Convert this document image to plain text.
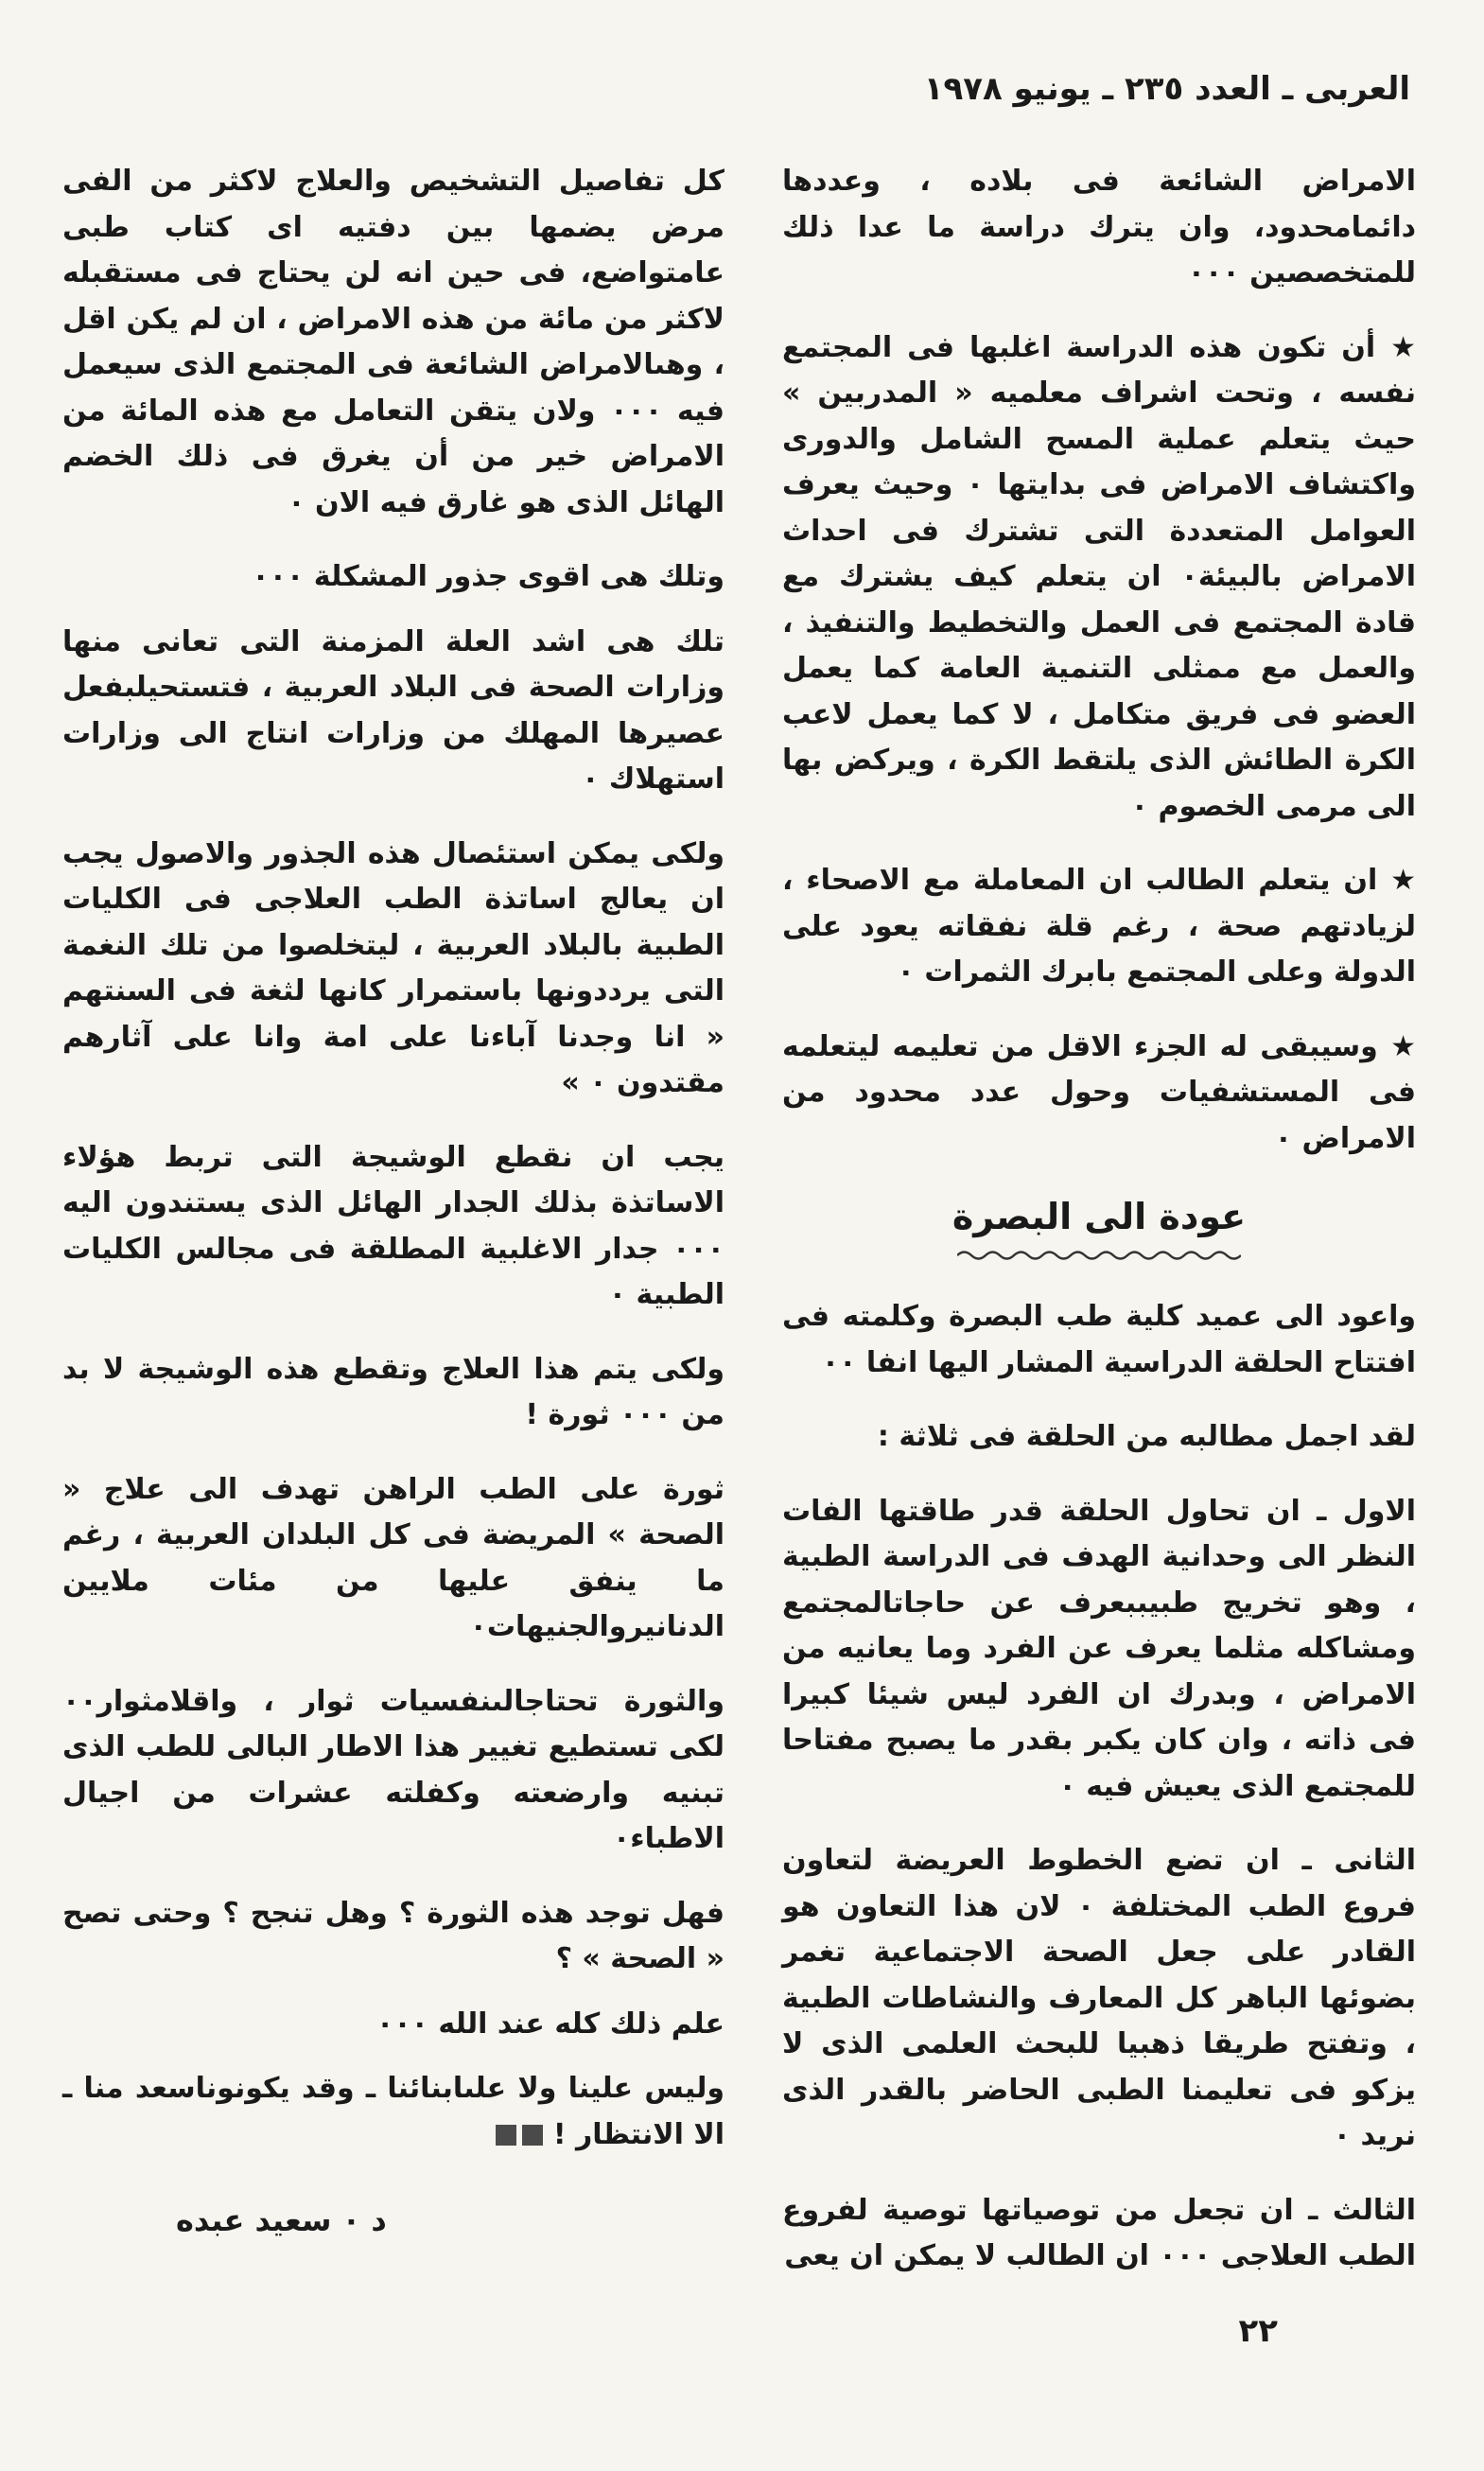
العربى ـ العدد ٢٣٥ ـ يونيو ١٩٧٨

الامراض الشائعة فى بلاده ، وعددها دائمامحدود، وان يترك دراسة ما عدا ذلك للمتخصصين ٠٠٠

★ أن تكون هذه الدراسة اغلبها فى المجتمع نفسه ، وتحت اشراف معلميه « المدربين » حيث يتعلم عملية المسح الشامل والدورى واكتشاف الامراض فى بدايتها ٠ وحيث يعرف العوامل المتعددة التى تشترك فى احداث الامراض بالبيئة٠ ان يتعلم كيف يشترك مع قادة المجتمع فى العمل والتخطيط والتنفيذ ، والعمل مع ممثلى التنمية العامة كما يعمل العضو فى فريق متكامل ، لا كما يعمل لاعب الكرة الطائش الذى يلتقط الكرة ، ويركض بها الى مرمى الخصوم ٠

★ ان يتعلم الطالب ان المعاملة مع الاصحاء ، لزيادتهم صحة ، رغم قلة نفقاته يعود على الدولة وعلى المجتمع بابرك الثمرات ٠

★ وسيبقى له الجزء الاقل من تعليمه ليتعلمه فى المستشفيات وحول عدد محدود من الامراض ٠

عودة الى البصرة

واعود الى عميد كلية طب البصرة وكلمته فى افتتاح الحلقة الدراسية المشار اليها انفا ٠٠

لقد اجمل مطالبه من الحلقة فى ثلاثة :

الاول ـ ان تحاول الحلقة قدر طاقتها الفات النظر الى وحدانية الهدف فى الدراسة الطبية ، وهو تخريج طبيببعرف عن حاجاتالمجتمع ومشاكله مثلما يعرف عن الفرد وما يعانيه من الامراض ، وبدرك ان الفرد ليس شيئا كبيرا فى ذاته ، وان كان يكبر بقدر ما يصبح مفتاحا للمجتمع الذى يعيش فيه ٠

الثانى ـ ان تضع الخطوط العريضة لتعاون فروع الطب المختلفة ٠ لان هذا التعاون هو القادر على جعل الصحة الاجتماعية تغمر بضوئها الباهر كل المعارف والنشاطات الطبية ، وتفتح طريقا ذهبيا للبحث العلمى الذى لا يزكو فى تعليمنا الطبى الحاضر بالقدر الذى نريد ٠

الثالث ـ ان تجعل من توصياتها توصية لفروع الطب العلاجى ٠٠٠ ان الطالب لا يمكن ان يعى

كل تفاصيل التشخيص والعلاج لاكثر من الفى مرض يضمها بين دفتيه اى كتاب طبى عامتواضع، فى حين انه لن يحتاج فى مستقبله لاكثر من مائة من هذه الامراض ، ان لم يكن اقل ، وهىالامراض الشائعة فى المجتمع الذى سيعمل فيه ٠٠٠ ولان يتقن التعامل مع هذه المائة من الامراض خير من أن يغرق فى ذلك الخضم الهائل الذى هو غارق فيه الان ٠

وتلك هى اقوى جذور المشكلة ٠٠٠

تلك هى اشد العلة المزمنة التى تعانى منها وزارات الصحة فى البلاد العربية ، فتستحيلبفعل عصيرها المهلك من وزارات انتاج الى وزارات استهلاك ٠

ولكى يمكن استئصال هذه الجذور والاصول يجب ان يعالج اساتذة الطب العلاجى فى الكليات الطبية بالبلاد العربية ، ليتخلصوا من تلك النغمة التى يرددونها باستمرار كانها لثغة فى السنتهم « انا وجدنا آباءنا على امة وانا على آثارهم مقتدون ٠ »

يجب ان نقطع الوشيجة التى تربط هؤلاء الاساتذة بذلك الجدار الهائل الذى يستندون اليه ٠٠٠ جدار الاغلبية المطلقة فى مجالس الكليات الطبية ٠

ولكى يتم هذا العلاج وتقطع هذه الوشيجة لا بد من ٠٠٠ ثورة !

ثورة على الطب الراهن تهدف الى علاج « الصحة » المريضة فى كل البلدان العربية ، رغم ما ينفق عليها من مئات ملايين الدنانيروالجنيهات٠

والثورة تحتاجالىنفسيات ثوار ، واقلامثوار٠٠ لكى تستطيع تغيير هذا الاطار البالى للطب الذى تبنيه وارضعته وكفلته عشرات من اجيال الاطباء٠

فهل توجد هذه الثورة ؟ وهل تنجح ؟ وحتى تصح « الصحة » ؟

علم ذلك كله عند الله ٠٠٠

وليس علينا ولا علىابنائنا ـ وقد يكونوناسعد منا ـ الا الانتظار !

د ٠ سعيد عبده
٢٢
